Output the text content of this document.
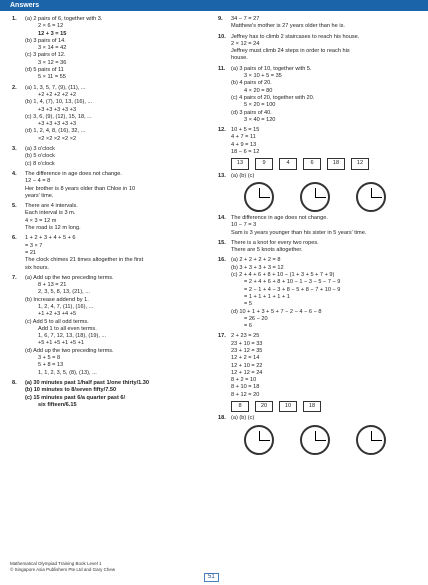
Answers
1. (a) 2 pairs of 6, together with 3.
2 × 6 = 12
12 + 3 = 15
(b) 3 pairs of 14.
3 × 14 = 42
(c) 3 pairs of 12.
3 × 12 = 36
(d) 5 pairs of 11
5 × 11 = 55
2. (a) 1, 3, 5, 7, (9), (11), ...
+2 +2 +2 +2 +2
(b) 1, 4, (7), 10, 13, (16), ...
+3 +3 +3 +3 +3
(c) 3, 6, (9), (12), 15, 18, ...
+3 +3 +3 +3 +3
(d) 1, 2, 4, 8, (16), 32, ...
×2 ×2 ×2 ×2 ×2
3. (a) 3 o'clock
(b) 5 o'clock
(c) 8 o'clock
4. The difference in age does not change.
12 − 4 = 8
Her brother is 8 years older than Chloe in 10
years' time.
5. There are 4 intervals.
Each interval is 3 m.
4 × 3 = 12 m
The road is 12 m long.
6. 1 + 2 + 3 + 4 + 5 + 6
= 3 × 7
= 21
The clock chimes 21 times altogether in the first
six hours.
7. (a) Add up the two preceding terms.
8 + 13 = 21
2, 3, 5, 8, 13, (21), ...
(b) Increase addend by 1.
1, 2, 4, 7, (11), (16), ...
+1 +2 +3 +4 +5
(c) Add 5 to all odd terms.
Add 1 to all even terms.
1, 6, 7, 12, 13, (18), (19), ...
+5 +1 +5 +1 +5 +1
(d) Add up the two preceding terms.
3 + 5 = 8
5 + 8 = 13
1, 1, 2, 3, 5, (8), (13), ...
8. (a) 30 minutes past 1/half past 1/one thirty/1.30
(b) 10 minutes to 8/seven fifty/7.50
(c) 15 minutes past 6/a quarter past 6/
six fifteen/6.15
9. 34 − 7 = 27
Matthew's mother is 27 years older than he is.
10. Jeffrey has to climb 2 staircases to reach his house.
2 × 12 = 24
Jeffrey must climb 24 steps in order to reach his
house.
11. (a) 3 pairs of 10, together with 5.
3 × 10 + 5 = 35
(b) 4 pairs of 20.
4 × 20 = 80
(c) 4 pairs of 20, together with 20.
5 × 20 = 100
(d) 3 pairs of 40.
3 × 40 = 120
12. 10 + 5 = 15
4 + 7 = 11
4 + 9 = 13
18 − 6 = 12
13	9	4	6	18	12
13. (a) (b) (c)
14. The difference in age does not change.
10 − 7 = 3
Sam is 3 years younger than his sister in 5 years' time.
15. There is a knot for every two ropes.
There are 5 knots altogether.
16. (a) 2 + 2 + 2 + 2 = 8
(b) 3 + 3 + 3 + 3 = 12
(c) 2 + 4 + 6 + 8 + 10 − (1 + 3 + 5 + 7 + 9)
= 2 + 4 + 6 + 8 + 10 − 1 − 3 − 5 − 7 − 9
= 2 − 1 + 4 − 3 + 8 − 5 + 8 − 7 + 10 − 9
= 1 + 1 + 1 + 1 + 1
= 5
(d) 10 + 1 + 3 + 5 + 7 − 2 − 4 − 6 − 8
= 26 − 20
= 6
17. 2 + 23 = 25
23 + 10 = 33
23 + 12 = 35
12 + 2 = 14
12 + 10 = 22
12 + 12 = 24
8 + 2 = 10
8 + 10 = 18
8 + 12 = 20
8	20	10	18
18. (a) (b) (c)
Mathematical Olympiad Training Book Level 1
© Singapore Asia Publishers Pte Ltd and Gary Chew
51
